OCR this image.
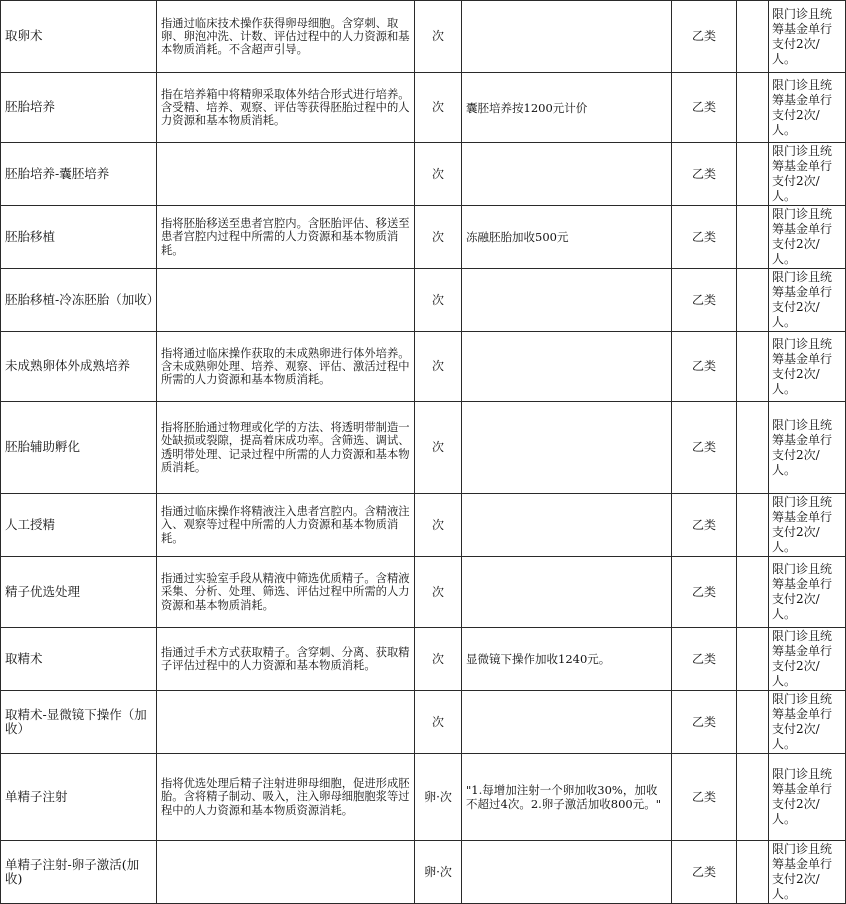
取卵术	指通过临床技术操作获得卵母细胞。含穿刺、取卵、卵泡冲洗、计数、评估过程中的人力资源和基本物质消耗。不含超声引导。	次		乙类		限门诊且统筹基金单行支付2次/人。
胚胎培养	指在培养箱中将精卵采取体外结合形式进行培养。含受精、培养、观察、评估等获得胚胎过程中的人力资源和基本物质消耗。	次	囊胚培养按1200元计价	乙类		限门诊且统筹基金单行支付2次/人。
胚胎培养-囊胚培养		次		乙类		限门诊且统筹基金单行支付2次/人。
胚胎移植	指将胚胎移送至患者宫腔内。含胚胎评估、移送至患者宫腔内过程中所需的人力资源和基本物质消耗。	次	冻融胚胎加收500元	乙类		限门诊且统筹基金单行支付2次/人。
胚胎移植-冷冻胚胎（加收）		次		乙类		限门诊且统筹基金单行支付2次/人。
未成熟卵体外成熟培养	指将通过临床操作获取的未成熟卵进行体外培养。含未成熟卵处理、培养、观察、评估、激活过程中所需的人力资源和基本物质消耗。	次		乙类		限门诊且统筹基金单行支付2次/人。
胚胎辅助孵化	指将胚胎通过物理或化学的方法、将透明带制造一处缺损或裂隙，提高着床成功率。含筛选、调试、透明带处理、记录过程中所需的人力资源和基本物质消耗。	次		乙类		限门诊且统筹基金单行支付2次/人。
人工授精	指通过临床操作将精液注入患者宫腔内。含精液注入、观察等过程中所需的人力资源和基本物质消耗。	次		乙类		限门诊且统筹基金单行支付2次/人。
精子优选处理	指通过实验室手段从精液中筛选优质精子。含精液采集、分析、处理、筛选、评估过程中所需的人力资源和基本物质消耗。	次		乙类		限门诊且统筹基金单行支付2次/人。
取精术	指通过手术方式获取精子。含穿刺、分离、获取精子评估过程中的人力资源和基本物质消耗。	次	显微镜下操作加收1240元。	乙类		限门诊且统筹基金单行支付2次/人。
取精术-显微镜下操作（加收）		次		乙类		限门诊且统筹基金单行支付2次/人。
单精子注射	指将优选处理后精子注射进卵母细胞，促进形成胚胎。含将精子制动、吸入，注入卵母细胞胞浆等过程中的人力资源和基本物质资源消耗。	卵·次	"1.每增加注射一个卵加收30%，加收不超过4次。2.卵子激活加收800元。"	乙类		限门诊且统筹基金单行支付2次/人。
单精子注射-卵子激活(加收)		卵·次		乙类		限门诊且统筹基金单行支付2次/人。
